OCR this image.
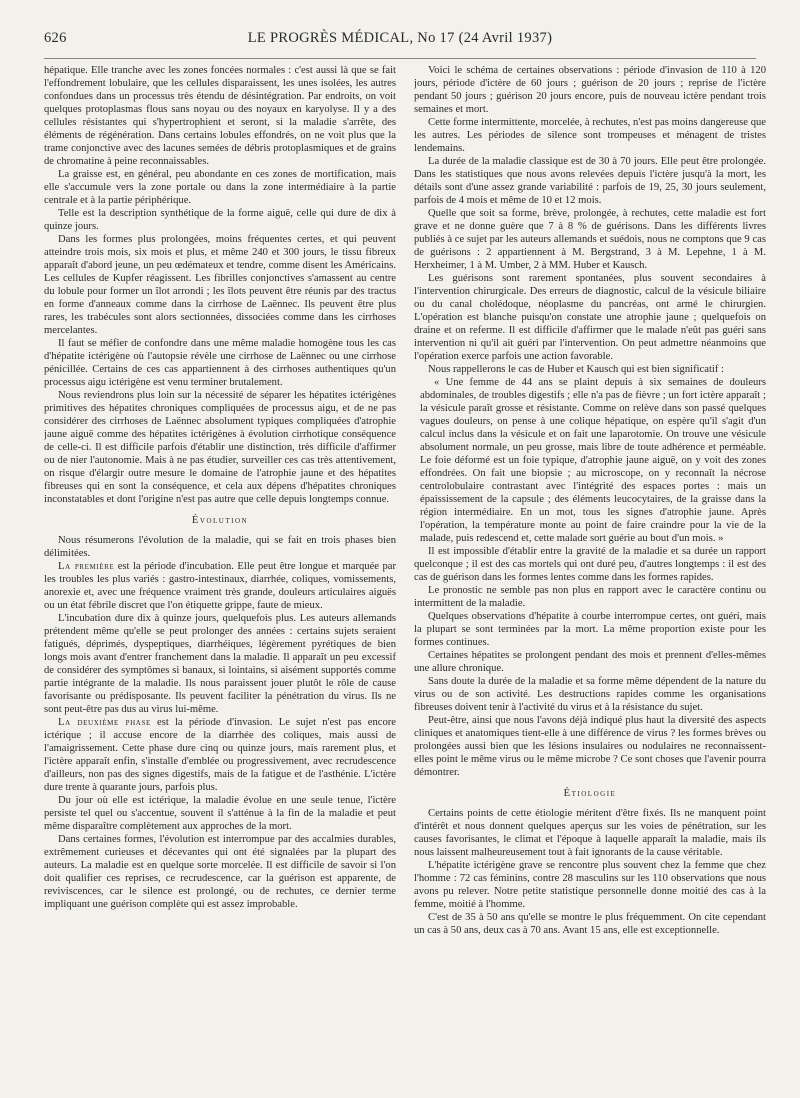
626	LE PROGRÈS MÉDICAL, No 17 (24 Avril 1937)

hépatique. Elle tranche avec les zones foncées normales : c'est aussi là que se fait l'effondrement lobulaire, que les cellules disparaissent, les unes isolées, les autres confondues dans un processus très étendu de désintégration. Par endroits, on voit quelques protoplasmas flous sans noyau ou des noyaux en karyolyse. Il y a des cellules résistantes qui s'hypertrophient et seront, si la maladie s'arrête, des éléments de régénération. Dans certains lobules effondrés, on ne voit plus que la trame conjonctive avec des lacunes semées de débris protoplasmiques et de grains de chromatine à peine reconnaissables.

La graisse est, en général, peu abondante en ces zones de mortification, mais elle s'accumule vers la zone portale ou dans la zone intermédiaire à la partie centrale et à la partie périphérique.

Telle est la description synthétique de la forme aiguë, celle qui dure de dix à quinze jours.

Dans les formes plus prolongées, moins fréquentes certes, et qui peuvent atteindre trois mois, six mois et plus, et même 240 et 300 jours, le tissu fibreux apparaît d'abord jeune, un peu œdémateux et tendre, comme disent les Américains. Les cellules de Kupfer réagissent. Les fibrilles conjonctives s'amassent au centre du lobule pour former un îlot arrondi ; les îlots peuvent être réunis par des tractus en forme d'anneaux comme dans la cirrhose de Laënnec. Ils peuvent être plus rares, les trabécules sont alors sectionnées, dissociées comme dans les cirrhoses mercelantes.

Il faut se méfier de confondre dans une même maladie homogène tous les cas d'hépatite ictérigène où l'autopsie révèle une cirrhose de Laënnec ou une cirrhose pénicillée. Certains de ces cas appartiennent à des cirrhoses authentiques qu'un processus aigu ictérigène est venu terminer brutalement.

Nous reviendrons plus loin sur la nécessité de séparer les hépatites ictérigènes primitives des hépatites chroniques compliquées de processus aigu, et de ne pas considérer des cirrhoses de Laënnec absolument typiques compliquées d'atrophie jaune aiguë comme des hépatites ictérigènes à évolution cirrhotique conséquence de celle-ci. Il est difficile parfois d'établir une distinction, très difficile d'affirmer ou de nier l'autonomie. Mais à ne pas étudier, surveiller ces cas très attentivement, on risque d'élargir outre mesure le domaine de l'atrophie jaune et des hépatites fibreuses qui en sont la conséquence, et cela aux dépens d'hépatites chroniques inconstatables et dont l'origine n'est pas autre que celle depuis longtemps connue.

Évolution

Nous résumerons l'évolution de la maladie, qui se fait en trois phases bien délimitées.

La première est la période d'incubation. Elle peut être longue et marquée par les troubles les plus variés : gastro-intestinaux, diarrhée, coliques, vomissements, anorexie et, avec une fréquence vraiment très grande, douleurs articulaires aiguës ou un état fébrile discret que l'on étiquette grippe, faute de mieux.

L'incubation dure dix à quinze jours, quelquefois plus. Les auteurs allemands prétendent même qu'elle se peut prolonger des années : certains sujets seraient fatigués, déprimés, dyspeptiques, diarrhéiques, légèrement pyrétiques de bien longs mois avant d'entrer franchement dans la maladie. Il apparaît un peu excessif de considérer des symptômes si banaux, si lointains, si aisément supportés comme partie intégrante de la maladie. Ils nous paraissent jouer plutôt le rôle de cause favorisante ou prédisposante. Ils peuvent faciliter la pénétration du virus. Ils ne sont peut-être pas dus au virus lui-même.

La deuxième phase est la période d'invasion. Le sujet n'est pas encore ictérique ; il accuse encore de la diarrhée des coliques, mais aussi de l'amaigrissement. Cette phase dure cinq ou quinze jours, mais rarement plus, et l'ictère apparaît enfin, s'installe d'emblée ou progressivement, avec recrudescence d'ailleurs, non pas des signes digestifs, mais de la fatigue et de l'asthénie. L'ictère dure trente à quarante jours, parfois plus.

Du jour où elle est ictérique, la maladie évolue en une seule tenue, l'ictère persiste tel quel ou s'accentue, souvent il s'atténue à la fin de la maladie et peut même disparaître complètement aux approches de la mort.

Dans certaines formes, l'évolution est interrompue par des accalmies durables, extrêmement curieuses et décevantes qui ont été signalées par la plupart des auteurs. La maladie est en quelque sorte morcelée. Il est difficile de savoir si l'on doit qualifier ces reprises, ce recrudescence, car la guérison est apparente, de reviviscences, car le silence est prolongé, ou de rechutes, ce dernier terme impliquant une guérison complète qui est assez improbable.

Voici le schéma de certaines observations : période d'invasion de 110 à 120 jours, période d'ictère de 60 jours ; guérison de 20 jours ; reprise de l'ictère pendant 50 jours ; guérison 20 jours encore, puis de nouveau ictère pendant trois semaines et mort.

Cette forme intermittente, morcelée, à rechutes, n'est pas moins dangereuse que les autres. Les périodes de silence sont trompeuses et ménagent de tristes lendemains.

La durée de la maladie classique est de 30 à 70 jours. Elle peut être prolongée. Dans les statistiques que nous avons relevées depuis l'ictère jusqu'à la mort, les détails sont d'une assez grande variabilité : parfois de 19, 25, 30 jours seulement, parfois de 4 mois et même de 10 et 12 mois.

Quelle que soit sa forme, brève, prolongée, à rechutes, cette maladie est fort grave et ne donne guère que 7 à 8 % de guérisons. Dans les différents livres publiés à ce sujet par les auteurs allemands et suédois, nous ne comptons que 9 cas de guérisons : 2 appartiennent à M. Bergstrand, 3 à M. Lepehne, 1 à M. Herxheimer, 1 à M. Umber, 2 à MM. Huber et Kausch.

Les guérisons sont rarement spontanées, plus souvent secondaires à l'intervention chirurgicale. Des erreurs de diagnostic, calcul de la vésicule biliaire ou du canal cholédoque, néoplasme du pancréas, ont armé le chirurgien. L'opération est blanche puisqu'on constate une atrophie jaune ; quelquefois on draine et on referme. Il est difficile d'affirmer que le malade n'eût pas guéri sans intervention ni qu'il ait guéri par l'intervention. On peut admettre néanmoins que l'opération exerce parfois une action favorable.

Nous rappellerons le cas de Huber et Kausch qui est bien significatif :

« Une femme de 44 ans se plaint depuis à six semaines de douleurs abdominales, de troubles digestifs ; elle n'a pas de fièvre ; un fort ictère apparaît ; la vésicule paraît grosse et résistante. Comme on relève dans son passé quelques vagues douleurs, on pense à une colique hépatique, on espère qu'il s'agit d'un calcul inclus dans la vésicule et on fait une laparotomie. On trouve une vésicule absolument normale, un peu grosse, mais libre de toute adhérence et perméable. Le foie déformé est un foie typique, d'atrophie jaune aiguë, on y voit des zones effondrées. On fait une biopsie ; au microscope, on y reconnaît la nécrose centrolobulaire contrastant avec l'intégrité des espaces portes : mais un épaississement de la capsule ; des éléments leucocytaires, de la graisse dans la région intermédiaire. En un mot, tous les signes d'atrophie jaune. Après l'opération, la température monte au point de faire craindre pour la vie de la malade, puis redescend et, cette malade sort guérie au bout d'un mois. »

Il est impossible d'établir entre la gravité de la maladie et sa durée un rapport quelconque ; il est des cas mortels qui ont duré peu, d'autres longtemps : il est des cas de guérison dans les formes lentes comme dans les formes rapides.

Le pronostic ne semble pas non plus en rapport avec le caractère continu ou intermittent de la maladie.

Quelques observations d'hépatite à courbe interrompue certes, ont guéri, mais la plupart se sont terminées par la mort. La même proportion existe pour les formes continues.

Certaines hépatites se prolongent pendant des mois et prennent d'elles-mêmes une allure chronique.

Sans doute la durée de la maladie et sa forme même dépendent de la nature du virus ou de son activité. Les destructions rapides comme les organisations fibreuses doivent tenir à l'activité du virus et à la résistance du sujet.

Peut-être, ainsi que nous l'avons déjà indiqué plus haut la diversité des aspects cliniques et anatomiques tient-elle à une différence de virus ? les formes brèves ou prolongées aussi bien que les lésions insulaires ou nodulaires ne reconnaissent-elles point le même virus ou le même microbe ? Ce sont choses que l'avenir pourra démontrer.

Étiologie

Certains points de cette étiologie méritent d'être fixés. Ils ne manquent point d'intérêt et nous donnent quelques aperçus sur les voies de pénétration, sur les causes favorisantes, le climat et l'époque à laquelle apparaît la maladie, mais ils nous laissent malheureusement tout à fait ignorants de la cause véritable.

L'hépatite ictérigène grave se rencontre plus souvent chez la femme que chez l'homme : 72 cas féminins, contre 28 masculins sur les 110 observations que nous avons pu relever. Notre petite statistique personnelle donne moitié des cas à la femme, moitié à l'homme.

C'est de 35 à 50 ans qu'elle se montre le plus fréquemment. On cite cependant un cas à 50 ans, deux cas à 70 ans. Avant 15 ans, elle est exceptionnelle.
